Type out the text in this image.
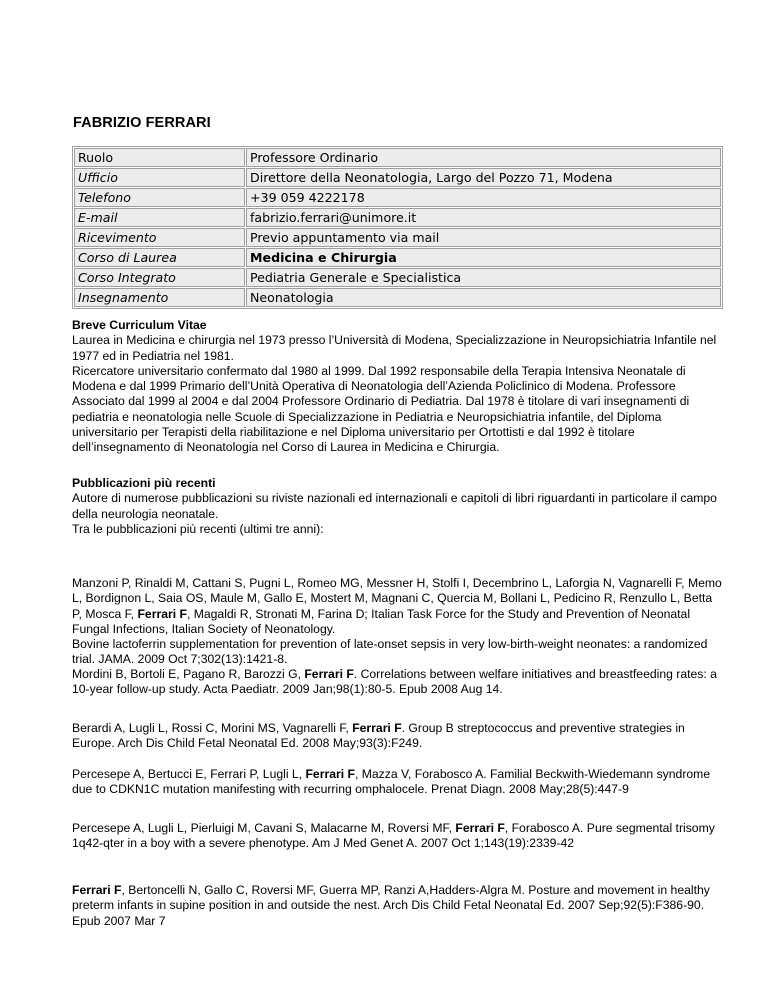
FABRIZIO FERRARI
Ruolo	Professore Ordinario
Ufficio	Direttore della Neonatologia, Largo del Pozzo 71, Modena
Telefono	+39 059 4222178
E-mail	fabrizio.ferrari@unimore.it
Ricevimento	Previo appuntamento via mail
Corso di Laurea	Medicina e Chirurgia
Corso Integrato	Pediatria Generale e Specialistica
Insegnamento	Neonatologia
Breve Curriculum Vitae

Laurea in Medicina e chirurgia nel 1973 presso l’Università di Modena, Specializzazione in Neuropsichiatria Infantile nel 1977 ed in Pediatria nel 1981.

Ricercatore universitario confermato dal 1980 al 1999. Dal 1992 responsabile della Terapia Intensiva Neonatale di Modena e dal 1999 Primario dell’Unità Operativa di Neonatologia dell’Azienda Policlinico di Modena. Professore Associato dal 1999 al 2004 e dal 2004 Professore Ordinario di Pediatria. Dal 1978 è titolare di vari insegnamenti di pediatria e neonatologia nelle Scuole di Specializzazione in Pediatria e Neuropsichiatria infantile, del Diploma universitario per Terapisti della riabilitazione e nel Diploma universitario per Ortottisti e dal 1992 è titolare dell’insegnamento di Neonatologia nel Corso di Laurea in Medicina e Chirurgia.

Pubblicazioni più recenti

Autore di numerose pubblicazioni su riviste nazionali ed internazionali e capitoli di libri riguardanti in particolare il campo della neurologia neonatale.

Tra le pubblicazioni più recenti (ultimi tre anni):

Manzoni P, Rinaldi M, Cattani S, Pugni L, Romeo MG, Messner H, Stolfi I, Decembrino L, Laforgia N, Vagnarelli F, Memo L, Bordignon L, Saia OS, Maule M, Gallo E, Mostert M, Magnani C, Quercia M, Bollani L, Pedicino R, Renzullo L, Betta P, Mosca F, Ferrari F, Magaldi R, Stronati M, Farina D; Italian Task Force for the Study and Prevention of Neonatal Fungal Infections, Italian Society of Neonatology.

Bovine lactoferrin supplementation for prevention of late-onset sepsis in very low-birth-weight neonates: a randomized trial. JAMA. 2009 Oct 7;302(13):1421-8.

Mordini B, Bortoli E, Pagano R, Barozzi G, Ferrari F. Correlations between welfare initiatives and breastfeeding rates: a 10-year follow-up study. Acta Paediatr. 2009 Jan;98(1):80-5. Epub 2008 Aug 14.

Berardi A, Lugli L, Rossi C, Morini MS, Vagnarelli F, Ferrari F. Group B streptococcus and preventive strategies in Europe. Arch Dis Child Fetal Neonatal Ed. 2008 May;93(3):F249.

Percesepe A, Bertucci E, Ferrari P, Lugli L, Ferrari F, Mazza V, Forabosco A. Familial Beckwith-Wiedemann syndrome due to CDKN1C mutation manifesting with recurring omphalocele. Prenat Diagn. 2008 May;28(5):447-9

Percesepe A, Lugli L, Pierluigi M, Cavani S, Malacarne M, Roversi MF, Ferrari F, Forabosco A. Pure segmental trisomy 1q42-qter in a boy with a severe phenotype. Am J Med Genet A. 2007 Oct 1;143(19):2339-42

Ferrari F, Bertoncelli N, Gallo C, Roversi MF, Guerra MP, Ranzi A,Hadders-Algra M. Posture and movement in healthy preterm infants in supine position in and outside the nest. Arch Dis Child Fetal Neonatal Ed. 2007 Sep;92(5):F386-90. Epub 2007 Mar 7
